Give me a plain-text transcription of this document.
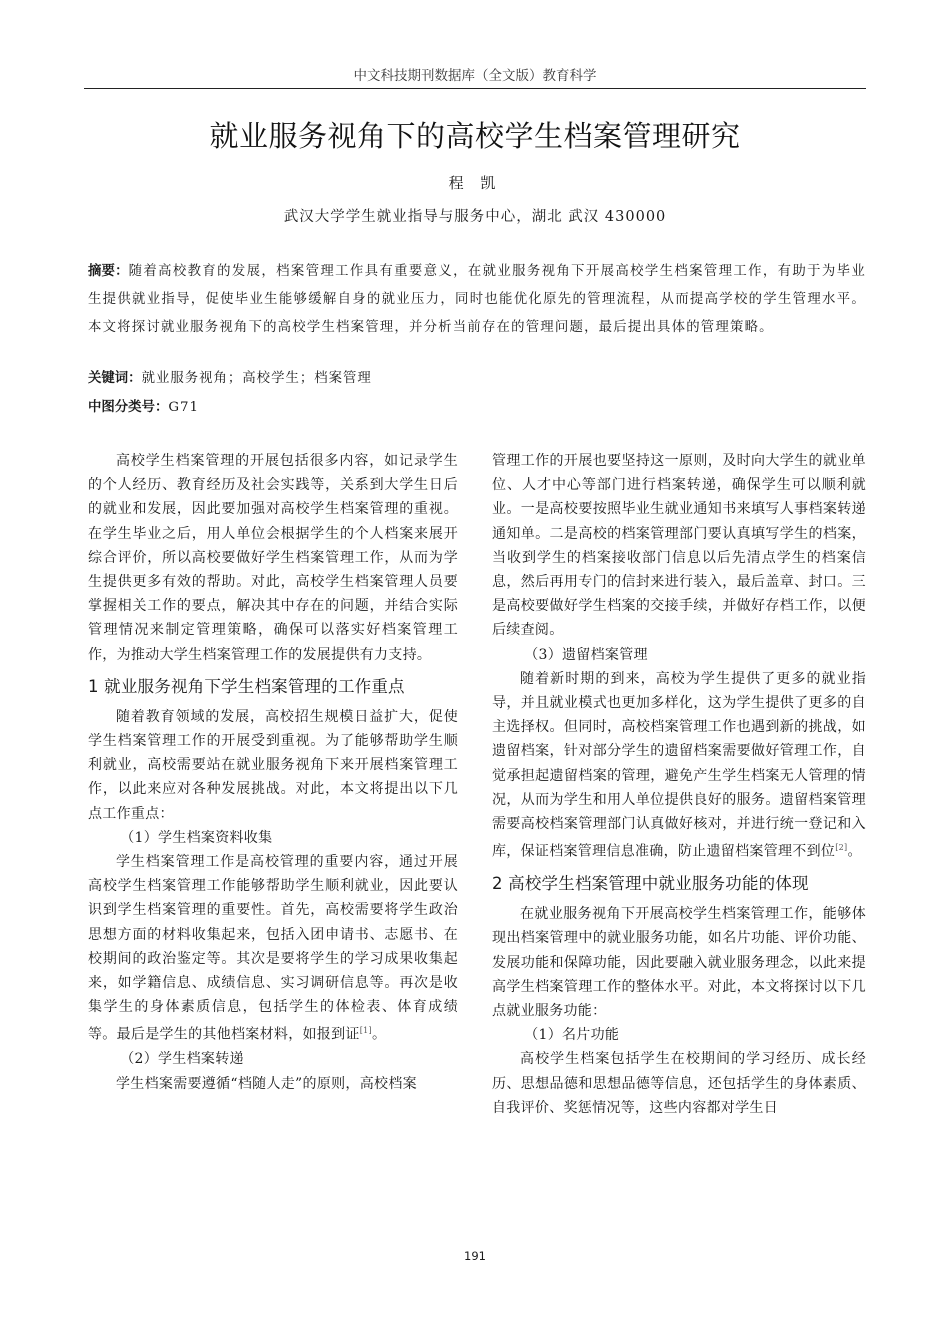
中文科技期刊数据库（全文版）教育科学
就业服务视角下的高校学生档案管理研究
程 凯
武汉大学学生就业指导与服务中心，湖北 武汉 430000
摘要：随着高校教育的发展，档案管理工作具有重要意义，在就业服务视角下开展高校学生档案管理工作，有助于为毕业生提供就业指导，促使毕业生能够缓解自身的就业压力，同时也能优化原先的管理流程，从而提高学校的学生管理水平。本文将探讨就业服务视角下的高校学生档案管理，并分析当前存在的管理问题，最后提出具体的管理策略。
关键词：就业服务视角；高校学生；档案管理
中图分类号：G71

高校学生档案管理的开展包括很多内容，如记录学生的个人经历、教育经历及社会实践等，关系到大学生日后的就业和发展，因此要加强对高校学生档案管理的重视。在学生毕业之后，用人单位会根据学生的个人档案来展开综合评价，所以高校要做好学生档案管理工作，从而为学生提供更多有效的帮助。对此，高校学生档案管理人员要掌握相关工作的要点，解决其中存在的问题，并结合实际管理情况来制定管理策略，确保可以落实好档案管理工作，为推动大学生档案管理工作的发展提供有力支持。

1 就业服务视角下学生档案管理的工作重点

随着教育领域的发展，高校招生规模日益扩大，促使学生档案管理工作的开展受到重视。为了能够帮助学生顺利就业，高校需要站在就业服务视角下来开展档案管理工作，以此来应对各种发展挑战。对此，本文将提出以下几点工作重点：

（1）学生档案资料收集

学生档案管理工作是高校管理的重要内容，通过开展高校学生档案管理工作能够帮助学生顺利就业，因此要认识到学生档案管理的重要性。首先，高校需要将学生政治思想方面的材料收集起来，包括入团申请书、志愿书、在校期间的政治鉴定等。其次是要将学生的学习成果收集起来，如学籍信息、成绩信息、实习调研信息等。再次是收集学生的身体素质信息，包括学生的体检表、体育成绩等。最后是学生的其他档案材料，如报到证[1]。

（2）学生档案转递

学生档案需要遵循“档随人走”的原则，高校档案

管理工作的开展也要坚持这一原则，及时向大学生的就业单位、人才中心等部门进行档案转递，确保学生可以顺利就业。一是高校要按照毕业生就业通知书来填写人事档案转递通知单。二是高校的档案管理部门要认真填写学生的档案，当收到学生的档案接收部门信息以后先清点学生的档案信息，然后再用专门的信封来进行装入，最后盖章、封口。三是高校要做好学生档案的交接手续，并做好存档工作，以便后续查阅。

（3）遗留档案管理

随着新时期的到来，高校为学生提供了更多的就业指导，并且就业模式也更加多样化，这为学生提供了更多的自主选择权。但同时，高校档案管理工作也遇到新的挑战，如遗留档案，针对部分学生的遗留档案需要做好管理工作，自觉承担起遗留档案的管理，避免产生学生档案无人管理的情况，从而为学生和用人单位提供良好的服务。遗留档案管理需要高校档案管理部门认真做好核对，并进行统一登记和入库，保证档案管理信息准确，防止遗留档案管理不到位[2]。

2 高校学生档案管理中就业服务功能的体现

在就业服务视角下开展高校学生档案管理工作，能够体现出档案管理中的就业服务功能，如名片功能、评价功能、发展功能和保障功能，因此要融入就业服务理念，以此来提高学生档案管理工作的整体水平。对此，本文将探讨以下几点就业服务功能：

（1）名片功能

高校学生档案包括学生在校期间的学习经历、成长经历、思想品德和思想品德等信息，还包括学生的身体素质、自我评价、奖惩情况等，这些内容都对学生日

191
